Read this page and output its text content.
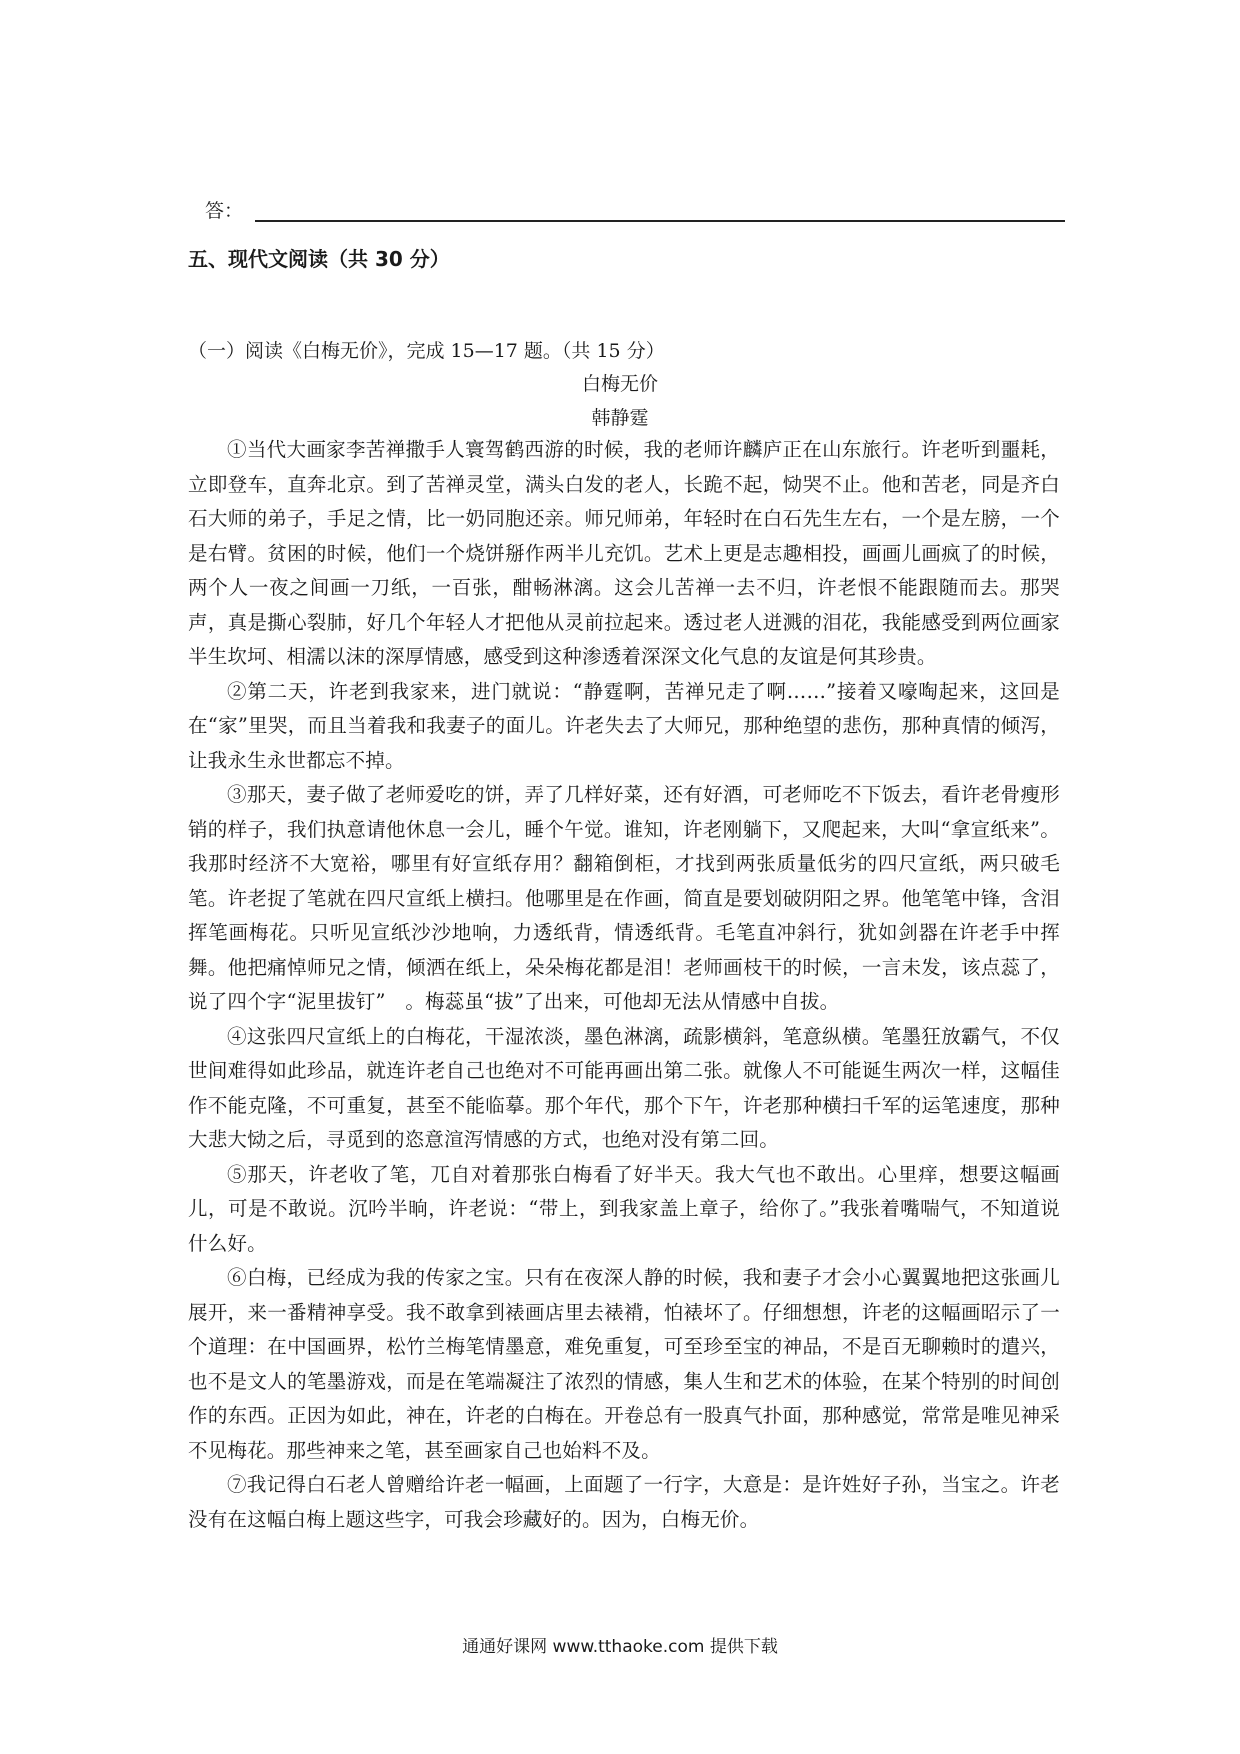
答：
五、现代文阅读（共 30 分）
（一）阅读《白梅无价》，完成 15—17 题。（共 15 分）
白梅无价
韩静霆

①当代大画家李苦禅撒手人寰驾鹤西游的时候，我的老师许麟庐正在山东旅行。许老听到噩耗，立即登车，直奔北京。到了苦禅灵堂，满头白发的老人，长跪不起，恸哭不止。他和苦老，同是齐白石大师的弟子，手足之情，比一奶同胞还亲。师兄师弟，年轻时在白石先生左右，一个是左膀，一个是右臂。贫困的时候，他们一个烧饼掰作两半儿充饥。艺术上更是志趣相投，画画儿画疯了的时候，两个人一夜之间画一刀纸，一百张，酣畅淋漓。这会儿苦禅一去不归，许老恨不能跟随而去。那哭声，真是撕心裂肺，好几个年轻人才把他从灵前拉起来。透过老人迸溅的泪花，我能感受到两位画家半生坎坷、相濡以沫的深厚情感，感受到这种渗透着深深文化气息的友谊是何其珍贵。

②第二天，许老到我家来，进门就说：“静霆啊，苦禅兄走了啊……”接着又嚎啕起来，这回是在“家”里哭，而且当着我和我妻子的面儿。许老失去了大师兄，那种绝望的悲伤，那种真情的倾泻，让我永生永世都忘不掉。

③那天，妻子做了老师爱吃的饼，弄了几样好菜，还有好酒，可老师吃不下饭去，看许老骨瘦形销的样子，我们执意请他休息一会儿，睡个午觉。谁知，许老刚躺下，又爬起来，大叫“拿宣纸来”。我那时经济不大宽裕，哪里有好宣纸存用？翻箱倒柜，才找到两张质量低劣的四尺宣纸，两只破毛笔。许老捉了笔就在四尺宣纸上横扫。他哪里是在作画，简直是要划破阴阳之界。他笔笔中锋，含泪挥笔画梅花。只听见宣纸沙沙地响，力透纸背，情透纸背。毛笔直冲斜行，犹如剑器在许老手中挥舞。他把痛悼师兄之情，倾洒在纸上，朵朵梅花都是泪！老师画枝干的时候，一言未发，该点蕊了，说了四个字“泥里拔钉”　。梅蕊虽“拔”了出来，可他却无法从情感中自拔。

④这张四尺宣纸上的白梅花，干湿浓淡，墨色淋漓，疏影横斜，笔意纵横。笔墨狂放霸气，不仅世间难得如此珍品，就连许老自己也绝对不可能再画出第二张。就像人不可能诞生两次一样，这幅佳作不能克隆，不可重复，甚至不能临摹。那个年代，那个下午，许老那种横扫千军的运笔速度，那种大悲大恸之后，寻觅到的恣意渲泻情感的方式，也绝对没有第二回。

⑤那天，许老收了笔，兀自对着那张白梅看了好半天。我大气也不敢出。心里痒，想要这幅画儿，可是不敢说。沉吟半晌，许老说：“带上，到我家盖上章子，给你了。”我张着嘴喘气，不知道说什么好。

⑥白梅，已经成为我的传家之宝。只有在夜深人静的时候，我和妻子才会小心翼翼地把这张画儿展开，来一番精神享受。我不敢拿到裱画店里去裱褙，怕裱坏了。仔细想想，许老的这幅画昭示了一个道理：在中国画界，松竹兰梅笔情墨意，难免重复，可至珍至宝的神品，不是百无聊赖时的遣兴，也不是文人的笔墨游戏，而是在笔端凝注了浓烈的情感，集人生和艺术的体验，在某个特别的时间创作的东西。正因为如此，神在，许老的白梅在。开卷总有一股真气扑面，那种感觉，常常是唯见神采不见梅花。那些神来之笔，甚至画家自己也始料不及。

⑦我记得白石老人曾赠给许老一幅画，上面题了一行字，大意是：是许姓好子孙，当宝之。许老没有在这幅白梅上题这些字，可我会珍藏好的。因为，白梅无价。

通通好课网 www.tthaoke.com 提供下载
